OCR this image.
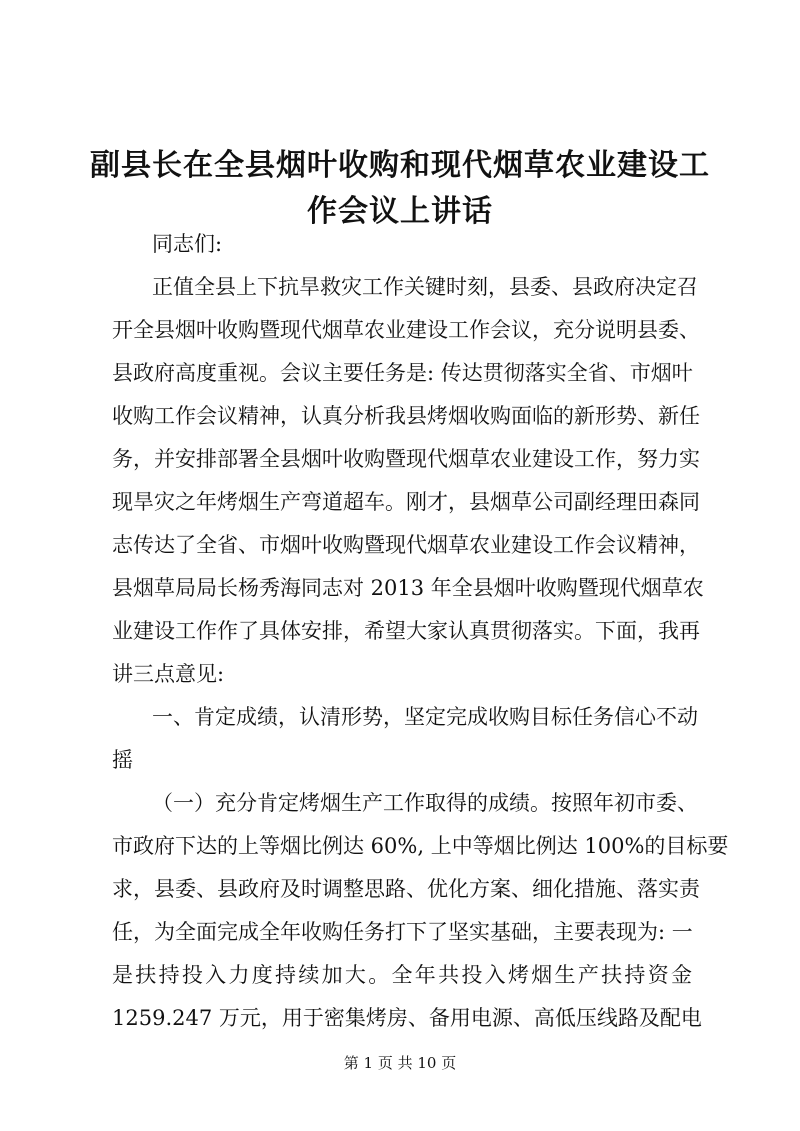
副县长在全县烟叶收购和现代烟草农业建设工
作会议上讲话
同志们:
正值全县上下抗旱救灾工作关键时刻，县委、县政府决定召
开全县烟叶收购暨现代烟草农业建设工作会议，充分说明县委、
县政府高度重视。会议主要任务是: 传达贯彻落实全省、市烟叶
收购工作会议精神，认真分析我县烤烟收购面临的新形势、新任
务，并安排部署全县烟叶收购暨现代烟草农业建设工作，努力实
现旱灾之年烤烟生产弯道超车。刚才，县烟草公司副经理田森同
志传达了全省、市烟叶收购暨现代烟草农业建设工作会议精神，
县烟草局局长杨秀海同志对 2013 年全县烟叶收购暨现代烟草农
业建设工作作了具体安排，希望大家认真贯彻落实。下面，我再
讲三点意见:
一、肯定成绩，认清形势，坚定完成收购目标任务信心不动
摇
（一）充分肯定烤烟生产工作取得的成绩。按照年初市委、
市政府下达的上等烟比例达 60%, 上中等烟比例达 100%的目标要
求，县委、县政府及时调整思路、优化方案、细化措施、落实责
任，为全面完成全年收购任务打下了坚实基础，主要表现为: 一
是扶持投入力度持续加大。全年共投入烤烟生产扶持资金
1259.247 万元，用于密集烤房、备用电源、高低压线路及配电
第 1 页 共 10 页
